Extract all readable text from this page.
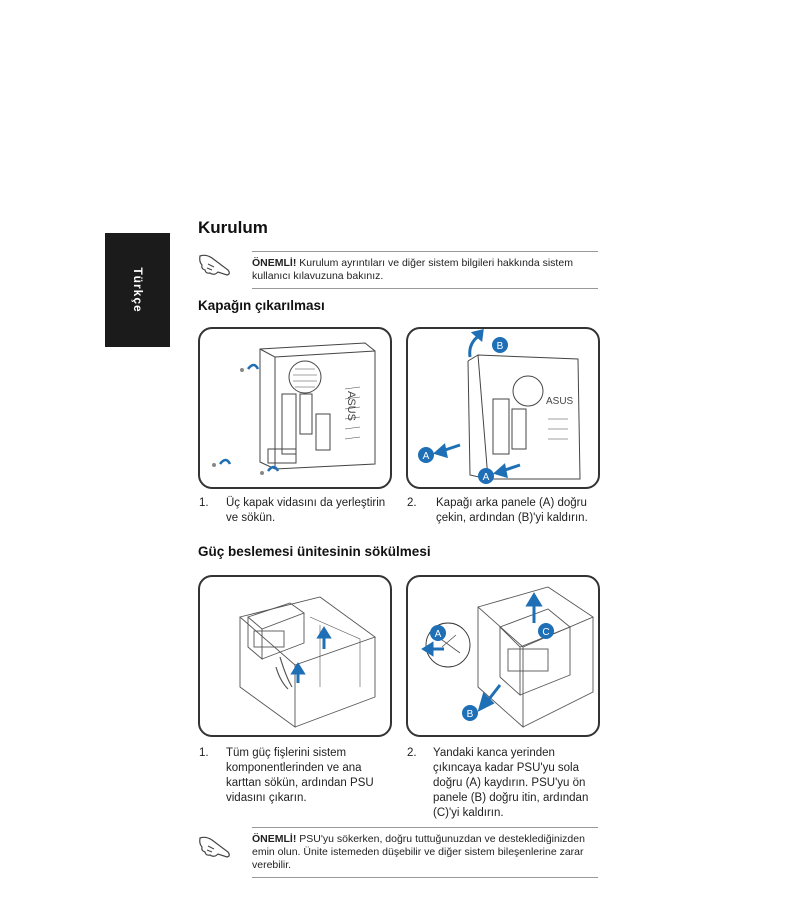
Türkçe
Kurulum
ÖNEMLİ! Kurulum ayrıntıları ve diğer sistem bilgileri hakkında sistem kullanıcı kılavuzuna bakınız.
Kapağın çıkarılması
ASUS	ASUS
B
A
A
1. Üç kapak vidasını da yerleştirin ve sökün.
2. Kapağı arka panele (A) doğru çekin, ardından (B)'yi kaldırın.
Güç beslemesi ünitesinin sökülmesi
A	C
B
1. Tüm güç fişlerini sistem komponentlerinden ve ana karttan sökün, ardından PSU vidasını çıkarın.
2. Yandaki kanca yerinden çıkıncaya kadar PSU'yu sola doğru (A) kaydırın. PSU'yu ön panele (B) doğru itin, ardından (C)'yi kaldırın.
ÖNEMLİ! PSU'yu sökerken, doğru tuttuğunuzdan ve desteklediğinizden emin olun. Ünite istemeden düşebilir ve diğer sistem bileşenlerine zarar verebilir.
